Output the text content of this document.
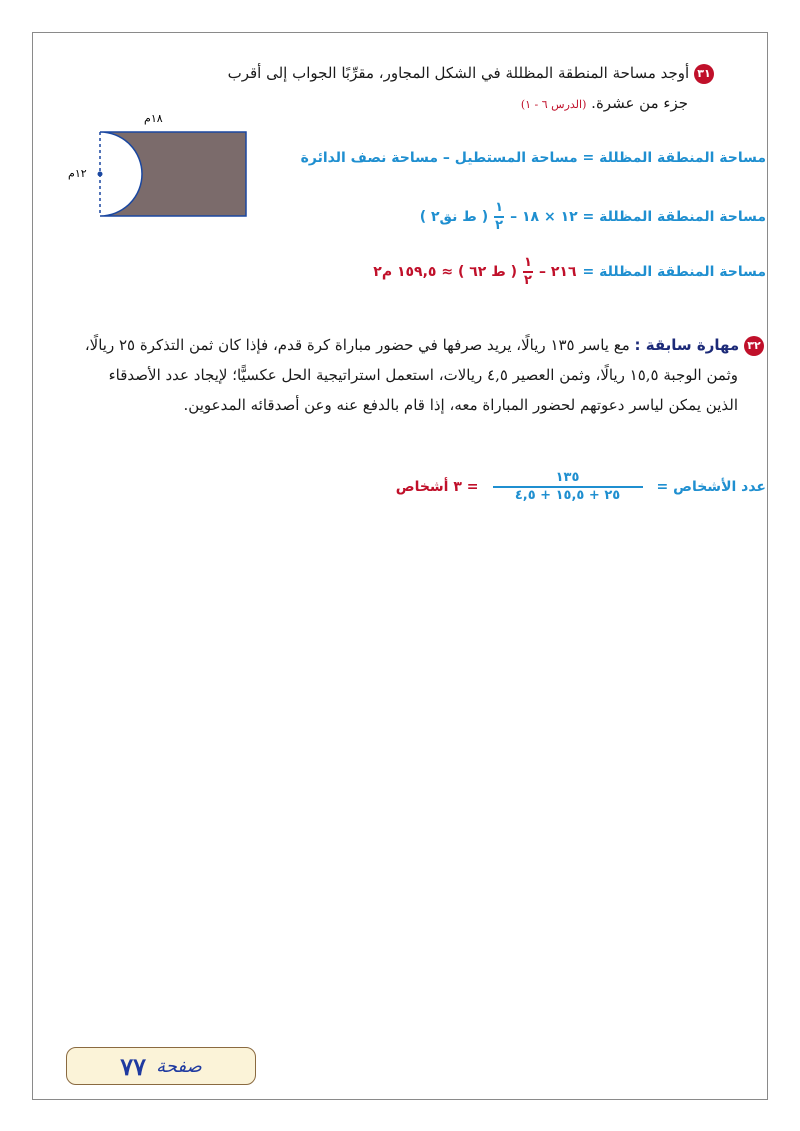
٣١ أوجد مساحة المنطقة المظللة في الشكل المجاور، مقرِّبًا الجواب إلى أقرب
جزء من عشرة. (الدرس ٦ - ١)
١٨م
١٢م
مساحة المنطقة المظللة = مساحة المستطيل – مساحة نصف الدائرة
مساحة المنطقة المظللة = ١٢ × ١٨ –
$\frac{١}{٢}$
( ط نق٢ )
مساحة المنطقة المظللة =
٢١٦ –
$\frac{١}{٢}$
( ط ٦٢ ) ≈ ١٥٩,٥ م٢
٣٢ مهارة سابقة : مع ياسر ١٣٥ ريالًا، يريد صرفها في حضور مباراة كرة قدم، فإذا كان ثمن التذكرة ٢٥ ريالًا،
وثمن الوجبة ١٥,٥ ريالًا، وثمن العصير ٤,٥ ريالات، استعمل استراتيجية الحل عكسيًّا؛ لإيجاد عدد الأصدقاء
الذين يمكن لياسر دعوتهم لحضور المباراة معه، إذا قام بالدفع عنه وعن أصدقائه المدعوين.
عدد الأشخاص =
$\frac{١٣٥}{٢٥ + ١٥,٥ + ٤,٥}$
= ٣ أشخاص
صفحة
٧٧
